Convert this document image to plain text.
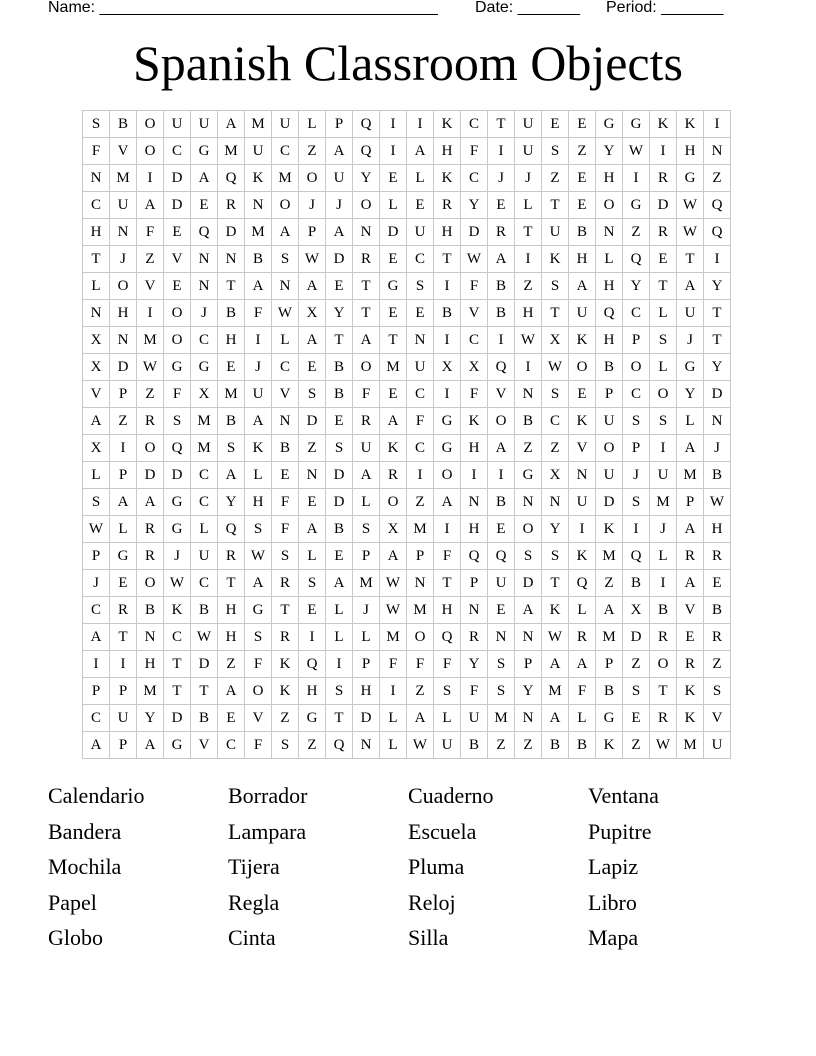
Name: ______________________________________ Date: _______ Period: _______
Spanish Classroom Objects
S	B	O	U	U	A	M	U	L	P	Q	I	I	K	C	T	U	E	E	G	G	K	K	I
F	V	O	C	G	M	U	C	Z	A	Q	I	A	H	F	I	U	S	Z	Y	W	I	H	N
N	M	I	D	A	Q	K	M	O	U	Y	E	L	K	C	J	J	Z	E	H	I	R	G	Z
C	U	A	D	E	R	N	O	J	J	O	L	E	R	Y	E	L	T	E	O	G	D	W	Q
H	N	F	E	Q	D	M	A	P	A	N	D	U	H	D	R	T	U	B	N	Z	R	W	Q
T	J	Z	V	N	N	B	S	W	D	R	E	C	T	W	A	I	K	H	L	Q	E	T	I
L	O	V	E	N	T	A	N	A	E	T	G	S	I	F	B	Z	S	A	H	Y	T	A	Y
N	H	I	O	J	B	F	W	X	Y	T	E	E	B	V	B	H	T	U	Q	C	L	U	T
X	N	M	O	C	H	I	L	A	T	A	T	N	I	C	I	W	X	K	H	P	S	J	T
X	D	W	G	G	E	J	C	E	B	O	M	U	X	X	Q	I	W	O	B	O	L	G	Y
V	P	Z	F	X	M	U	V	S	B	F	E	C	I	F	V	N	S	E	P	C	O	Y	D
A	Z	R	S	M	B	A	N	D	E	R	A	F	G	K	O	B	C	K	U	S	S	L	N
X	I	O	Q	M	S	K	B	Z	S	U	K	C	G	H	A	Z	Z	V	O	P	I	A	J
L	P	D	D	C	A	L	E	N	D	A	R	I	O	I	I	G	X	N	U	J	U	M	B
S	A	A	G	C	Y	H	F	E	D	L	O	Z	A	N	B	N	N	U	D	S	M	P	W
W	L	R	G	L	Q	S	F	A	B	S	X	M	I	H	E	O	Y	I	K	I	J	A	H
P	G	R	J	U	R	W	S	L	E	P	A	P	F	Q	Q	S	S	K	M	Q	L	R	R
J	E	O	W	C	T	A	R	S	A	M	W	N	T	P	U	D	T	Q	Z	B	I	A	E
C	R	B	K	B	H	G	T	E	L	J	W	M	H	N	E	A	K	L	A	X	B	V	B
A	T	N	C	W	H	S	R	I	L	L	M	O	Q	R	N	N	W	R	M	D	R	E	R
I	I	H	T	D	Z	F	K	Q	I	P	F	F	F	Y	S	P	A	A	P	Z	O	R	Z
P	P	M	T	T	A	O	K	H	S	H	I	Z	S	F	S	Y	M	F	B	S	T	K	S
C	U	Y	D	B	E	V	Z	G	T	D	L	A	L	U	M	N	A	L	G	E	R	K	V
A	P	A	G	V	C	F	S	Z	Q	N	L	W	U	B	Z	Z	B	B	K	Z	W	M	U
Calendario	Borrador	Cuaderno	Ventana
Bandera	Lampara	Escuela	Pupitre
Mochila	Tijera	Pluma	Lapiz
Papel	Regla	Reloj	Libro
Globo	Cinta	Silla	Mapa
